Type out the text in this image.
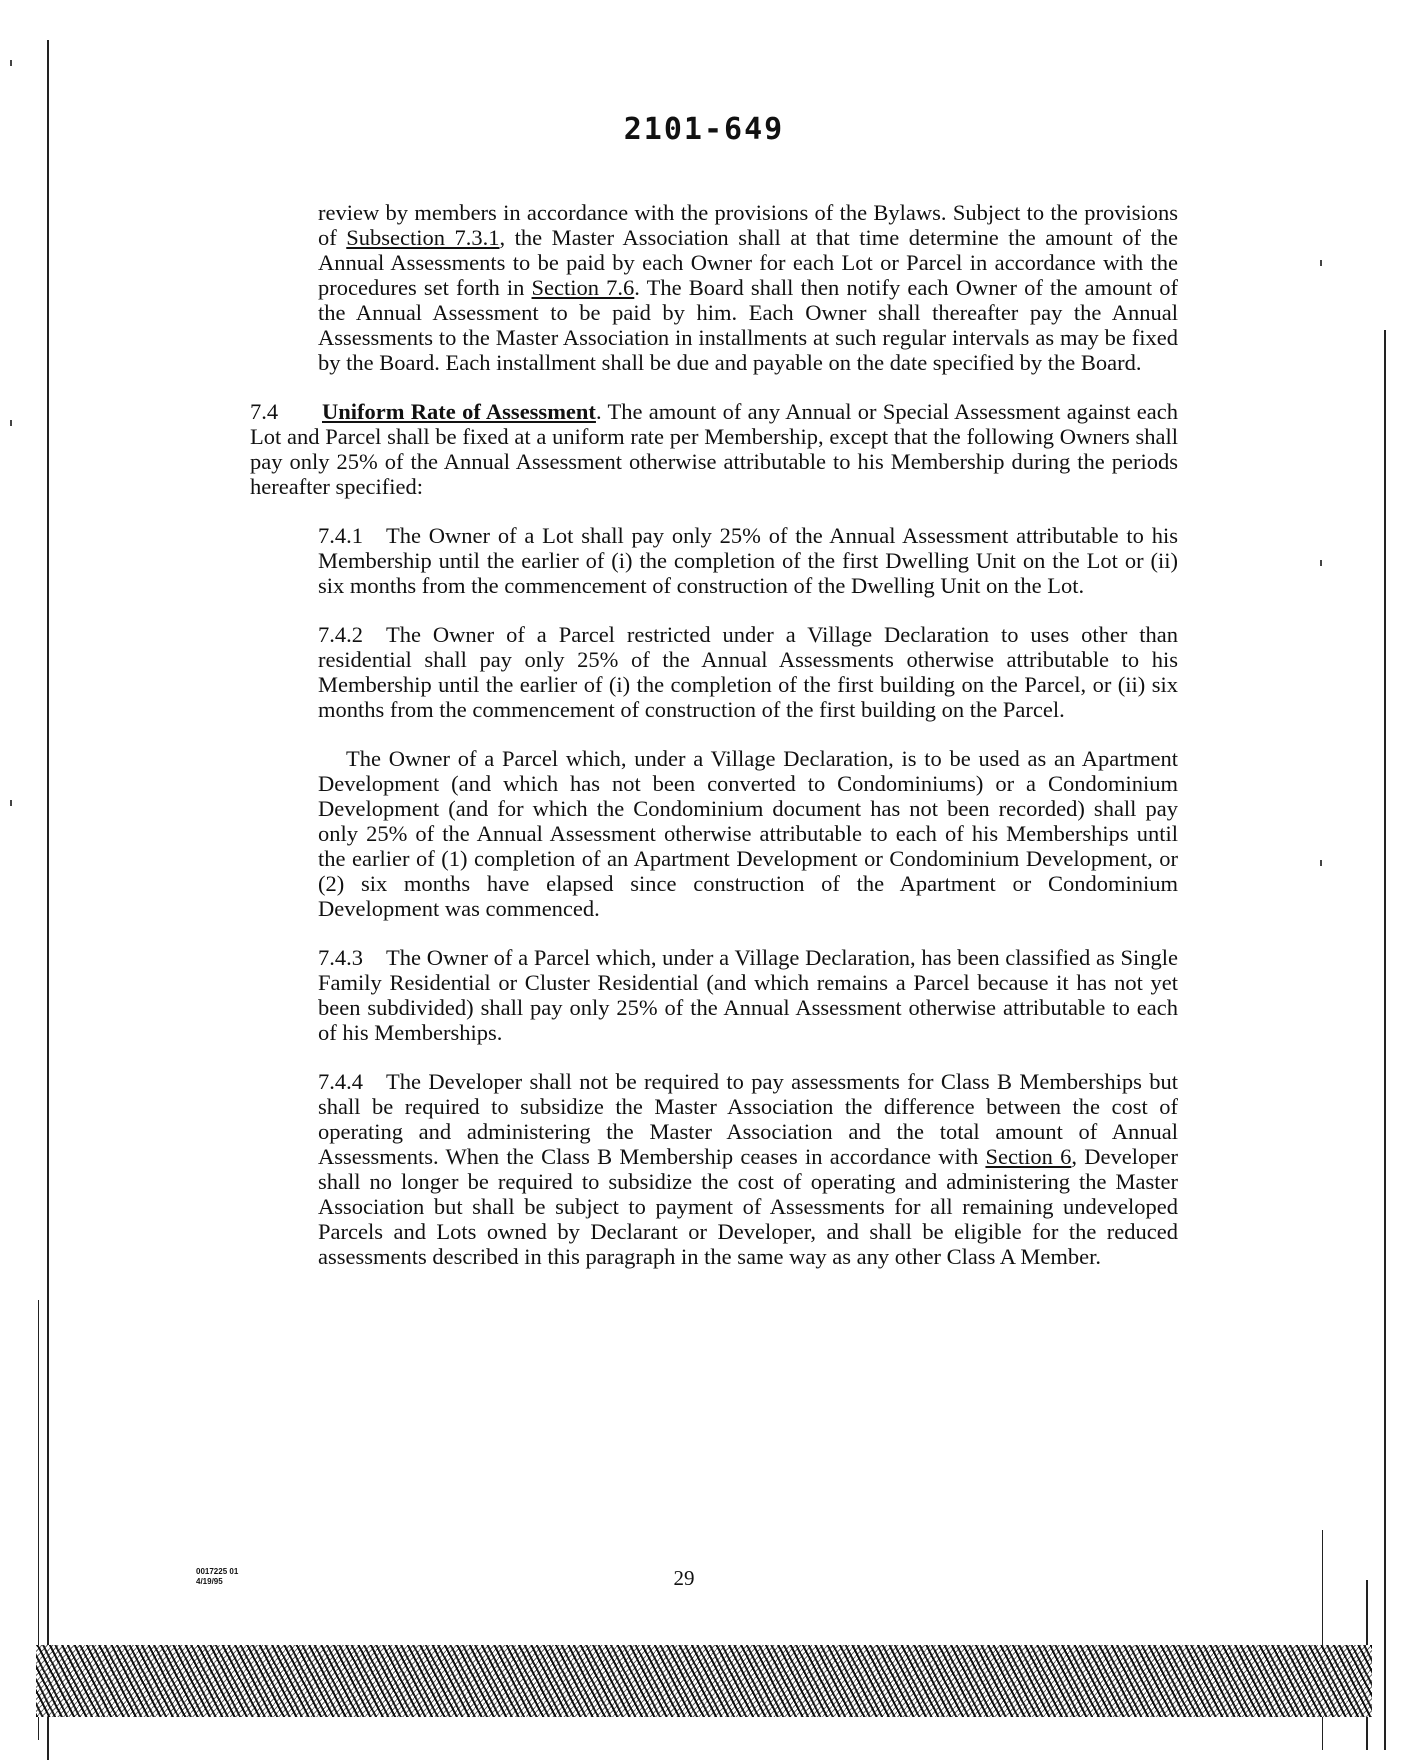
2101-649

review by members in accordance with the provisions of the Bylaws. Subject to the provisions of Subsection 7.3.1, the Master Association shall at that time determine the amount of the Annual Assessments to be paid by each Owner for each Lot or Parcel in accordance with the procedures set forth in Section 7.6. The Board shall then notify each Owner of the amount of the Annual Assessment to be paid by him. Each Owner shall thereafter pay the Annual Assessments to the Master Association in installments at such regular intervals as may be fixed by the Board. Each installment shall be due and payable on the date specified by the Board.

7.4 Uniform Rate of Assessment. The amount of any Annual or Special Assessment against each Lot and Parcel shall be fixed at a uniform rate per Membership, except that the following Owners shall pay only 25% of the Annual Assessment otherwise attributable to his Membership during the periods hereafter specified:

7.4.1 The Owner of a Lot shall pay only 25% of the Annual Assessment attributable to his Membership until the earlier of (i) the completion of the first Dwelling Unit on the Lot or (ii) six months from the commencement of construction of the Dwelling Unit on the Lot.

7.4.2 The Owner of a Parcel restricted under a Village Declaration to uses other than residential shall pay only 25% of the Annual Assessments otherwise attributable to his Membership until the earlier of (i) the completion of the first building on the Parcel, or (ii) six months from the commencement of construction of the first building on the Parcel.

The Owner of a Parcel which, under a Village Declaration, is to be used as an Apartment Development (and which has not been converted to Condominiums) or a Condominium Development (and for which the Condominium document has not been recorded) shall pay only 25% of the Annual Assessment otherwise attributable to each of his Memberships until the earlier of (1) completion of an Apartment Development or Condominium Development, or (2) six months have elapsed since construction of the Apartment or Condominium Development was commenced.

7.4.3 The Owner of a Parcel which, under a Village Declaration, has been classified as Single Family Residential or Cluster Residential (and which remains a Parcel because it has not yet been subdivided) shall pay only 25% of the Annual Assessment otherwise attributable to each of his Memberships.

7.4.4 The Developer shall not be required to pay assessments for Class B Memberships but shall be required to subsidize the Master Association the difference between the cost of operating and administering the Master Association and the total amount of Annual Assessments. When the Class B Membership ceases in accordance with Section 6, Developer shall no longer be required to subsidize the cost of operating and administering the Master Association but shall be subject to payment of Assessments for all remaining undeveloped Parcels and Lots owned by Declarant or Developer, and shall be eligible for the reduced assessments described in this paragraph in the same way as any other Class A Member.

0017225 01
4/19/95	29
